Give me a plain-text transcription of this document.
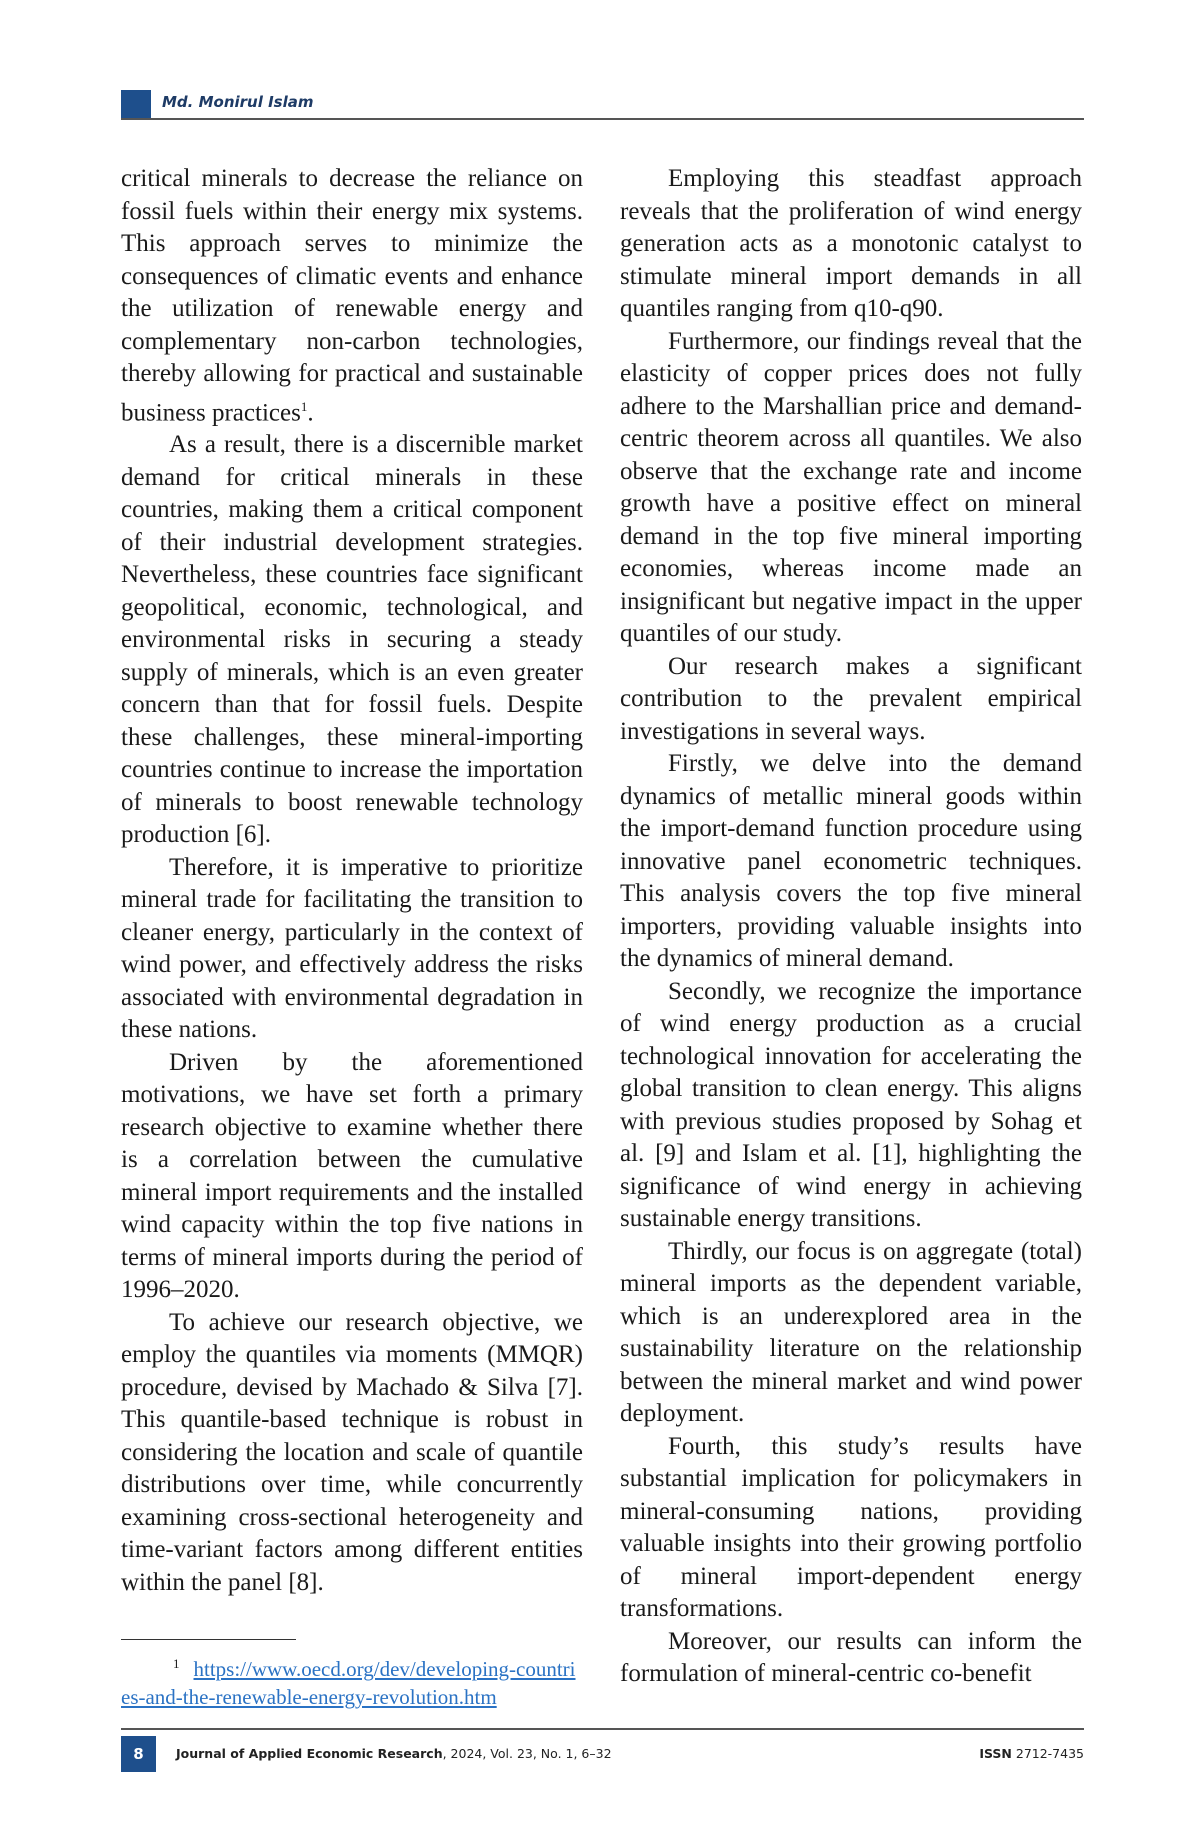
Md. Monirul Islam

critical minerals to decrease the reliance on fossil fuels within their energy mix systems. This approach serves to minimize the consequences of climatic events and enhance the utilization of renewable energy and complementary non-carbon technologies, thereby allowing for practical and sustainable business practices$^1$.

As a result, there is a discernible market demand for critical minerals in these countries, making them a critical component of their industrial development strategies. Nevertheless, these countries face significant geopolitical, economic, technological, and environmental risks in securing a steady supply of minerals, which is an even greater concern than that for fossil fuels. Despite these challenges, these mineral-importing countries continue to increase the importation of minerals to boost renewable technology production [6].

Therefore, it is imperative to prioritize mineral trade for facilitating the transition to cleaner energy, particularly in the context of wind power, and effectively address the risks associated with environmental degradation in these nations.

Driven by the aforementioned motivations, we have set forth a primary research objective to examine whether there is a correlation between the cumulative mineral import requirements and the installed wind capacity within the top five nations in terms of mineral imports during the period of 1996–2020.

To achieve our research objective, we employ the quantiles via moments (MMQR) procedure, devised by Machado & Silva [7]. This quantile-based technique is robust in considering the location and scale of quantile distributions over time, while concurrently examining cross-sectional heterogeneity and time-variant factors among different entities within the panel [8].

$^1$ https://www.oecd.org/dev/developing-countries-and-the-renewable-energy-revolution.htm

Employing this steadfast approach reveals that the proliferation of wind energy generation acts as a monotonic catalyst to stimulate mineral import demands in all quantiles ranging from q10-q90.

Furthermore, our findings reveal that the elasticity of copper prices does not fully adhere to the Marshallian price and demand-centric theorem across all quantiles. We also observe that the exchange rate and income growth have a positive effect on mineral demand in the top five mineral importing economies, whereas income made an insignificant but negative impact in the upper quantiles of our study.

Our research makes a significant contribution to the prevalent empirical investigations in several ways.

Firstly, we delve into the demand dynamics of metallic mineral goods within the import-demand function procedure using innovative panel econometric techniques. This analysis covers the top five mineral importers, providing valuable insights into the dynamics of mineral demand.

Secondly, we recognize the importance of wind energy production as a crucial technological innovation for accelerating the global transition to clean energy. This aligns with previous studies proposed by Sohag et al. [9] and Islam et al. [1], highlighting the significance of wind energy in achieving sustainable energy transitions.

Thirdly, our focus is on aggregate (total) mineral imports as the dependent variable, which is an underexplored area in the sustainability literature on the relationship between the mineral market and wind power deployment.

Fourth, this study’s results have substantial implication for policymakers in mineral-consuming nations, providing valuable insights into their growing portfolio of mineral import-dependent energy transformations.

Moreover, our results can inform the formulation of mineral-centric co-benefit

8	Journal of Applied Economic Research, 2024, Vol. 23, No. 1, 6–32	ISSN 2712-7435
